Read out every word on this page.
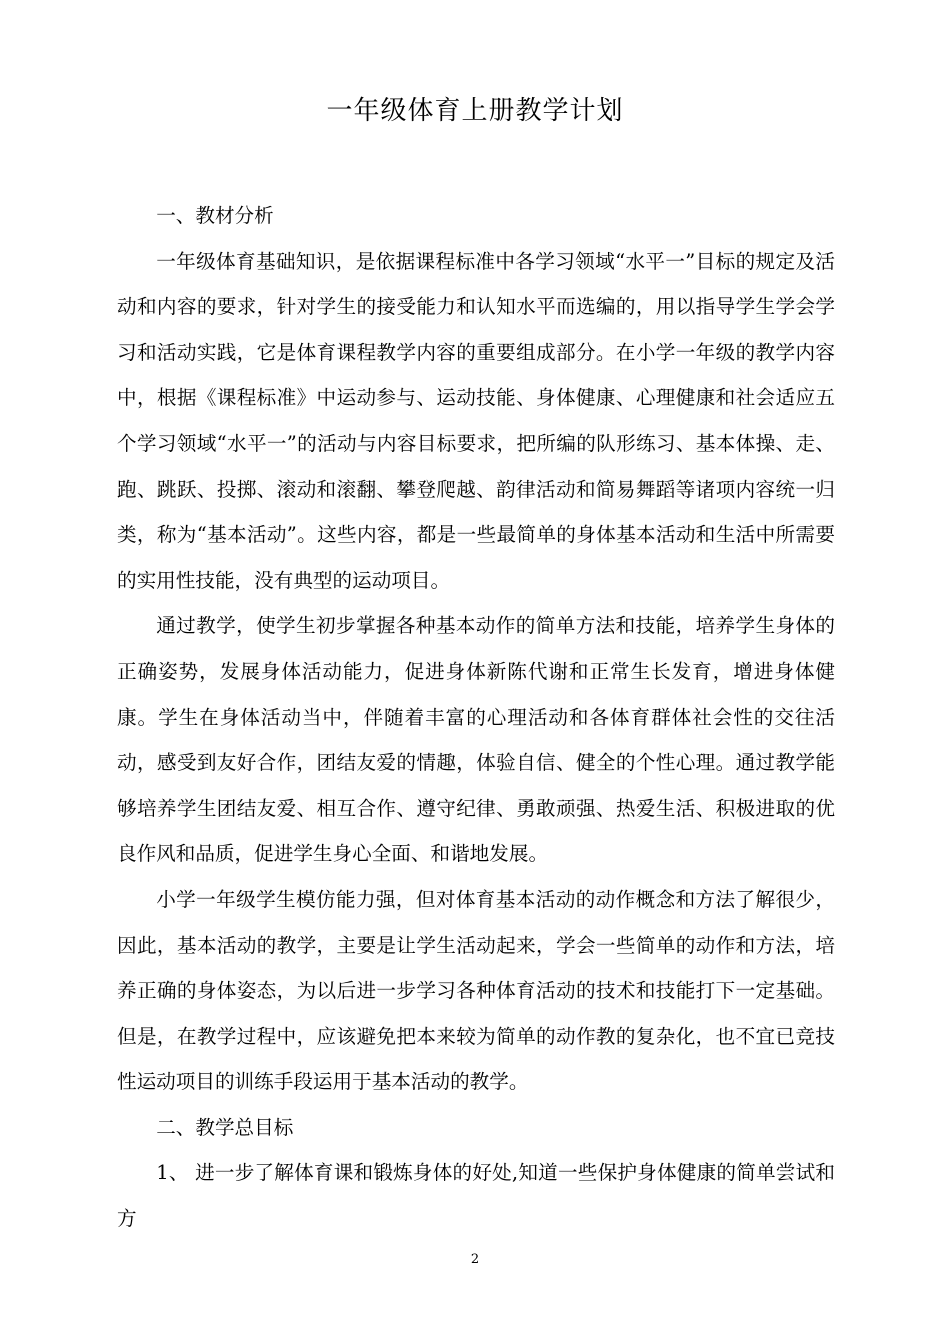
一年级体育上册教学计划

一、教材分析

一年级体育基础知识，是依据课程标准中各学习领域“水平一”目标的规定及活动和内容的要求，针对学生的接受能力和认知水平而选编的，用以指导学生学会学习和活动实践，它是体育课程教学内容的重要组成部分。在小学一年级的教学内容中，根据《课程标准》中运动参与、运动技能、身体健康、心理健康和社会适应五个学习领域“水平一”的活动与内容目标要求，把所编的队形练习、基本体操、走、跑、跳跃、投掷、滚动和滚翻、攀登爬越、韵律活动和简易舞蹈等诸项内容统一归类，称为“基本活动”。这些内容，都是一些最简单的身体基本活动和生活中所需要的实用性技能，没有典型的运动项目。

通过教学，使学生初步掌握各种基本动作的简单方法和技能，培养学生身体的正确姿势，发展身体活动能力，促进身体新陈代谢和正常生长发育，增进身体健康。学生在身体活动当中，伴随着丰富的心理活动和各体育群体社会性的交往活动，感受到友好合作，团结友爱的情趣，体验自信、健全的个性心理。通过教学能够培养学生团结友爱、相互合作、遵守纪律、勇敢顽强、热爱生活、积极进取的优良作风和品质，促进学生身心全面、和谐地发展。

小学一年级学生模仿能力强，但对体育基本活动的动作概念和方法了解很少，因此，基本活动的教学，主要是让学生活动起来，学会一些简单的动作和方法，培养正确的身体姿态，为以后进一步学习各种体育活动的技术和技能打下一定基础。但是，在教学过程中，应该避免把本来较为简单的动作教的复杂化，也不宜已竞技性运动项目的训练手段运用于基本活动的教学。

二、教学总目标

1、 进一步了解体育课和锻炼身体的好处,知道一些保护身体健康的简单尝试和方

2
